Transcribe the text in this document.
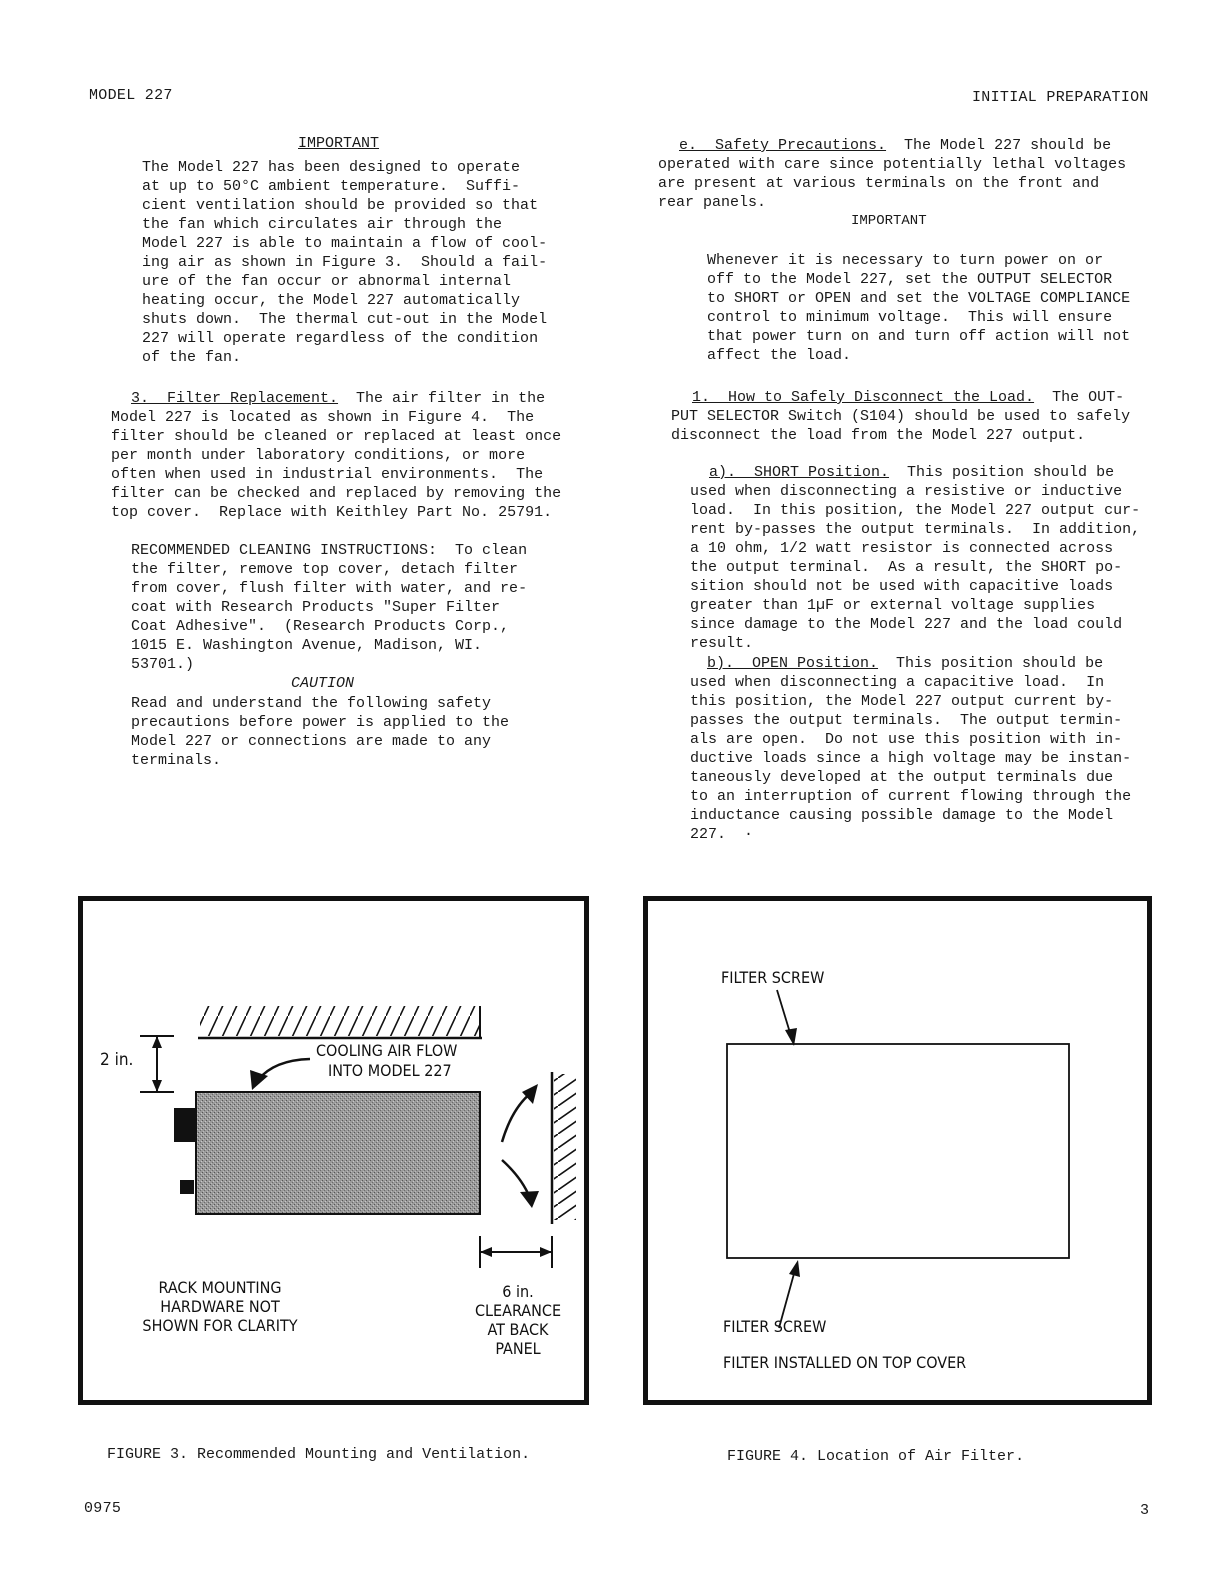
MODEL 227	INITIAL PREPARATION
IMPORTANT
The Model 227 has been designed to operate
at up to 50°C ambient temperature.  Suffi-
cient ventilation should be provided so that
the fan which circulates air through the
Model 227 is able to maintain a flow of cool-
ing air as shown in Figure 3.  Should a fail-
ure of the fan occur or abnormal internal
heating occur, the Model 227 automatically
shuts down.  The thermal cut-out in the Model
227 will operate regardless of the condition
of the fan.
3.  Filter Replacement.  The air filter in the
Model 227 is located as shown in Figure 4.  The
filter should be cleaned or replaced at least once
per month under laboratory conditions, or more
often when used in industrial environments.  The
filter can be checked and replaced by removing the
top cover.  Replace with Keithley Part No. 25791.
RECOMMENDED CLEANING INSTRUCTIONS:  To clean
the filter, remove top cover, detach filter
from cover, flush filter with water, and re-
coat with Research Products "Super Filter
Coat Adhesive".  (Research Products Corp.,
1015 E. Washington Avenue, Madison, WI.
53701.)
CAUTION
Read and understand the following safety
precautions before power is applied to the
Model 227 or connections are made to any
terminals.
e.  Safety Precautions.  The Model 227 should be
operated with care since potentially lethal voltages
are present at various terminals on the front and
rear panels.
IMPORTANT
Whenever it is necessary to turn power on or
off to the Model 227, set the OUTPUT SELECTOR
to SHORT or OPEN and set the VOLTAGE COMPLIANCE
control to minimum voltage.  This will ensure
that power turn on and turn off action will not
affect the load.
1.  How to Safely Disconnect the Load.  The OUT-
PUT SELECTOR Switch (S104) should be used to safely
disconnect the load from the Model 227 output.
a).  SHORT Position.  This position should be
used when disconnecting a resistive or inductive
load.  In this position, the Model 227 output cur-
rent by-passes the output terminals.  In addition,
a 10 ohm, 1/2 watt resistor is connected across
the output terminal.  As a result, the SHORT po-
sition should not be used with capacitive loads
greater than 1µF or external voltage supplies
since damage to the Model 227 and the load could
result.
b).  OPEN Position.  This position should be
used when disconnecting a capacitive load.  In
this position, the Model 227 output current by-
passes the output terminals.  The output termin-
als are open.  Do not use this position with in-
ductive loads since a high voltage may be instan-
taneously developed at the output terminals due
to an interruption of current flowing through the
inductance causing possible damage to the Model
227.  ·
2 in.	COOLING AIR FLOW
INTO MODEL 227
RACK MOUNTING
HARDWARE NOT
SHOWN FOR CLARITY
6 in.
CLEARANCE
AT BACK
PANEL
FILTER SCREW
FILTER SCREW
FILTER INSTALLED ON TOP COVER
FIGURE 3. Recommended Mounting and Ventilation.	FIGURE 4. Location of Air Filter.
0975	3
